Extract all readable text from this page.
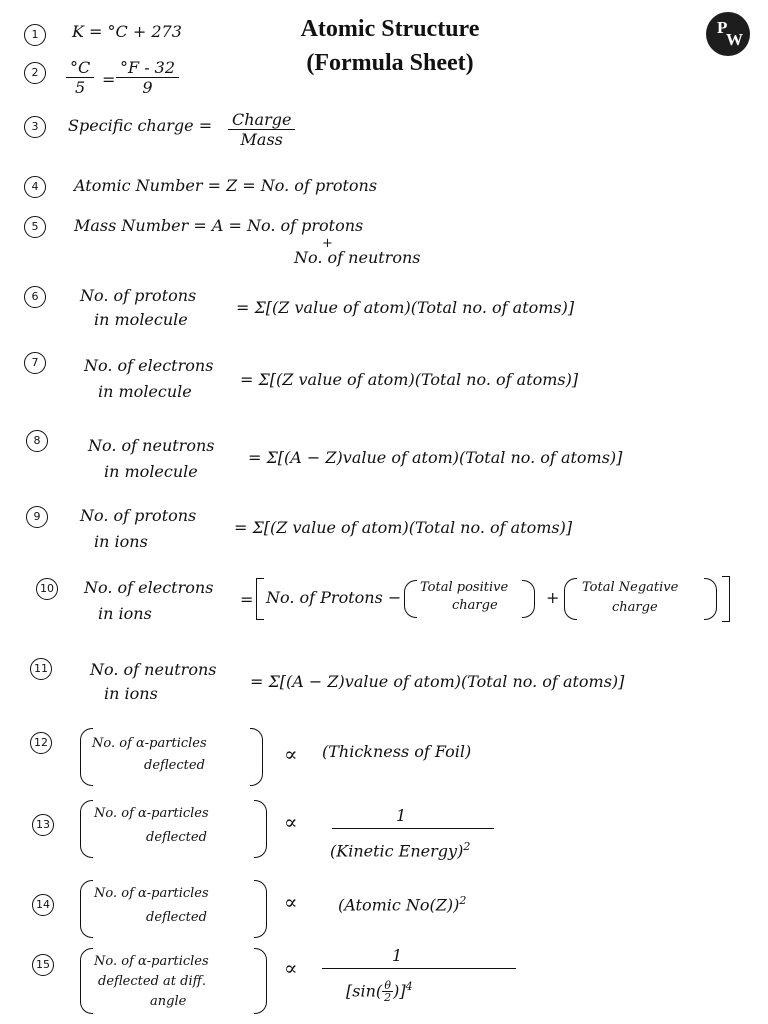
Atomic Structure
(Formula Sheet)
P
W
1	K = °C + 273
2	$\frac{^\circ C}{5} = \frac{^\circ F - 32}{9}$
3	Specific charge = Charge
Mass
4	Atomic Number = Z = No. of protons
5	Mass Number = A = No. of protons
+
No. of neutrons
6	No. of protons
in molecule
= Σ[(Z value of atom)(Total no. of atoms)]
7	No. of electrons
in molecule
= Σ[(Z value of atom)(Total no. of atoms)]
8	No. of neutrons
in molecule
= Σ[(A − Z)value of atom)(Total no. of atoms)]
9	No. of protons
in ions
= Σ[(Z value of atom)(Total no. of atoms)]
10 No. of electrons
in ions
= No. of Protons −
Total positive
charge	+
Total Negative
charge
11	No. of neutrons
in ions
= Σ[(A − Z)value of atom)(Total no. of atoms)]
12	No. of α-particles
deflected	∝ (Thickness of Foil)
13
No. of α-particles
deflected
∝	1
(Kinetic Energy)$^2$
14
No. of α-particles
deflected
∝	(Atomic No(Z))$^2$
15	No. of α-particles
deflected at diff.
angle
∝
1
$[\sin( \frac{\theta}{2} )]^4$
